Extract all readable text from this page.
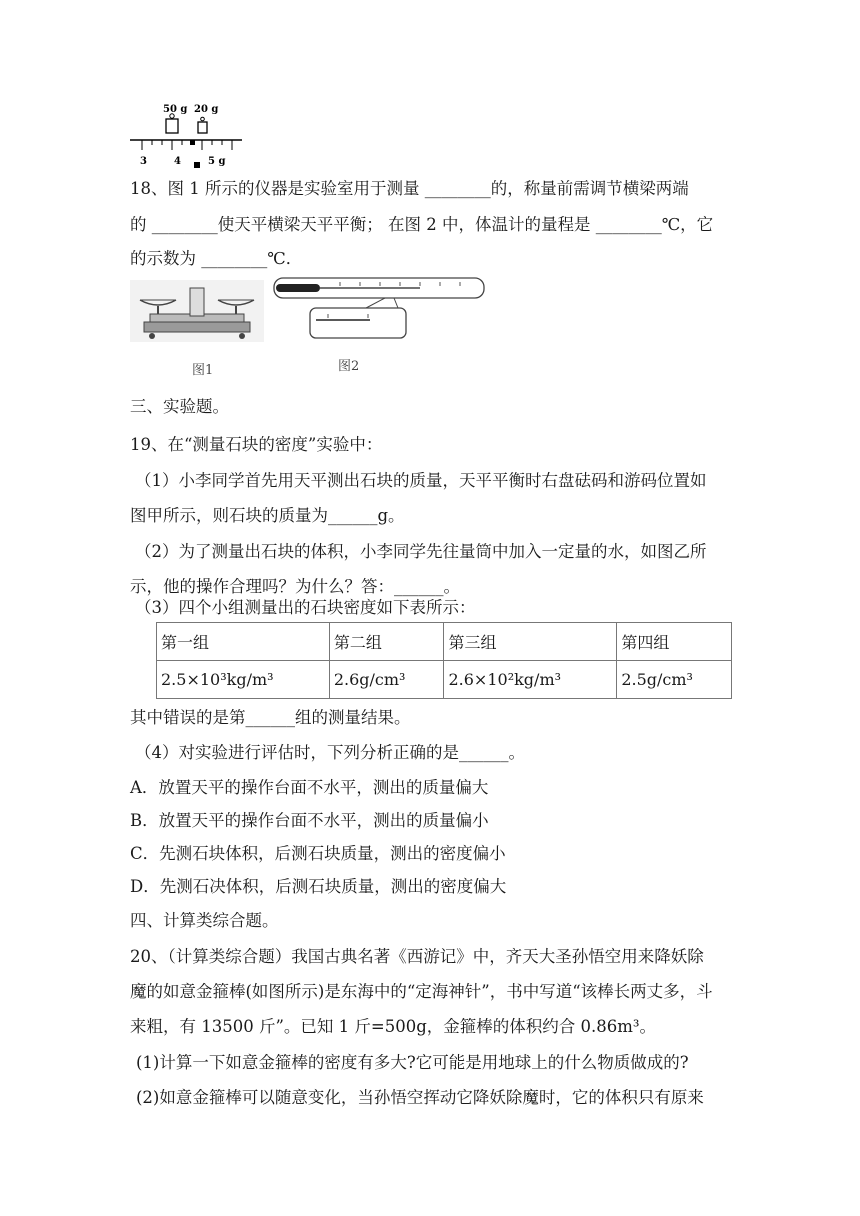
50 g 20 g
3	4	5 g
18、图 1 所示的仪器是实验室用于测量 ________的，称量前需调节横梁两端
的 ________使天平横梁天平平衡； 在图 2 中，体温计的量程是 ________℃，它
的示数为 ________℃．
图1	图2
三、实验题。
19、在“测量石块的密度”实验中：
（1）小李同学首先用天平测出石块的质量，天平平衡时右盘砝码和游码位置如
图甲所示，则石块的质量为______g。
（2）为了测量出石块的体积，小李同学先往量筒中加入一定量的水，如图乙所
示，他的操作合理吗？为什么？答：______。
（3）四个小组测量出的石块密度如下表所示：
第一组	第二组	第三组	第四组
2.5×10³kg/m³	2.6g/cm³	2.6×10²kg/m³	2.5g/cm³
其中错误的是第______组的测量结果。
（4）对实验进行评估时，下列分析正确的是______。
A．放置天平的操作台面不水平，测出的质量偏大
B．放置天平的操作台面不水平，测出的质量偏小
C．先测石块体积，后测石块质量，测出的密度偏小
D．先测石决体积，后测石块质量，测出的密度偏大
四、计算类综合题。
20、（计算类综合题）我国古典名著《西游记》中，齐天大圣孙悟空用来降妖除
魔的如意金箍棒(如图所示)是东海中的“定海神针”，书中写道“该棒长两丈多，斗
来粗，有 13500 斤”。已知 1 斤=500g，金箍棒的体积约合 0.86m³。
(1)计算一下如意金箍棒的密度有多大?它可能是用地球上的什么物质做成的?
(2)如意金箍棒可以随意变化，当孙悟空挥动它降妖除魔时，它的体积只有原来
